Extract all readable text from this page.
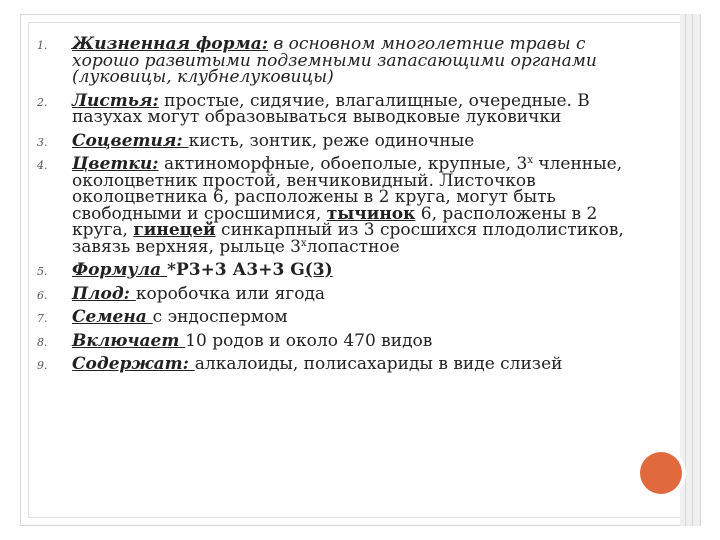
1.	Жизненная форма: в основном многолетние травы с хорошо развитыми подземными запасающими органами (луковицы, клубнелуковицы)
2.	Листья: простые, сидячие, влагалищные, очередные. В пазухах могут образовываться выводковые луковички
3.	Соцветия: кисть, зонтик, реже одиночные
4.	Цветки: актиноморфные, обоеполые, крупные, $3^х$ членные, околоцветник простой, венчиковидный. Листочков околоцветника 6, расположены в 2 круга, могут быть свободными и сросшимися, тычинок 6, расположены в 2 круга, гинецей синкарпный из 3 сросшихся плодолистиков, завязь верхняя, рыльце $3^хлопастное$
5.	Формула *Р3+3 А3+3 G(3)
6.	Плод: коробочка или ягода
7.	Семена с эндоспермом
8.	Включает 10 родов и около 470 видов
9.	Содержат: алкалоиды, полисахариды в виде слизей
